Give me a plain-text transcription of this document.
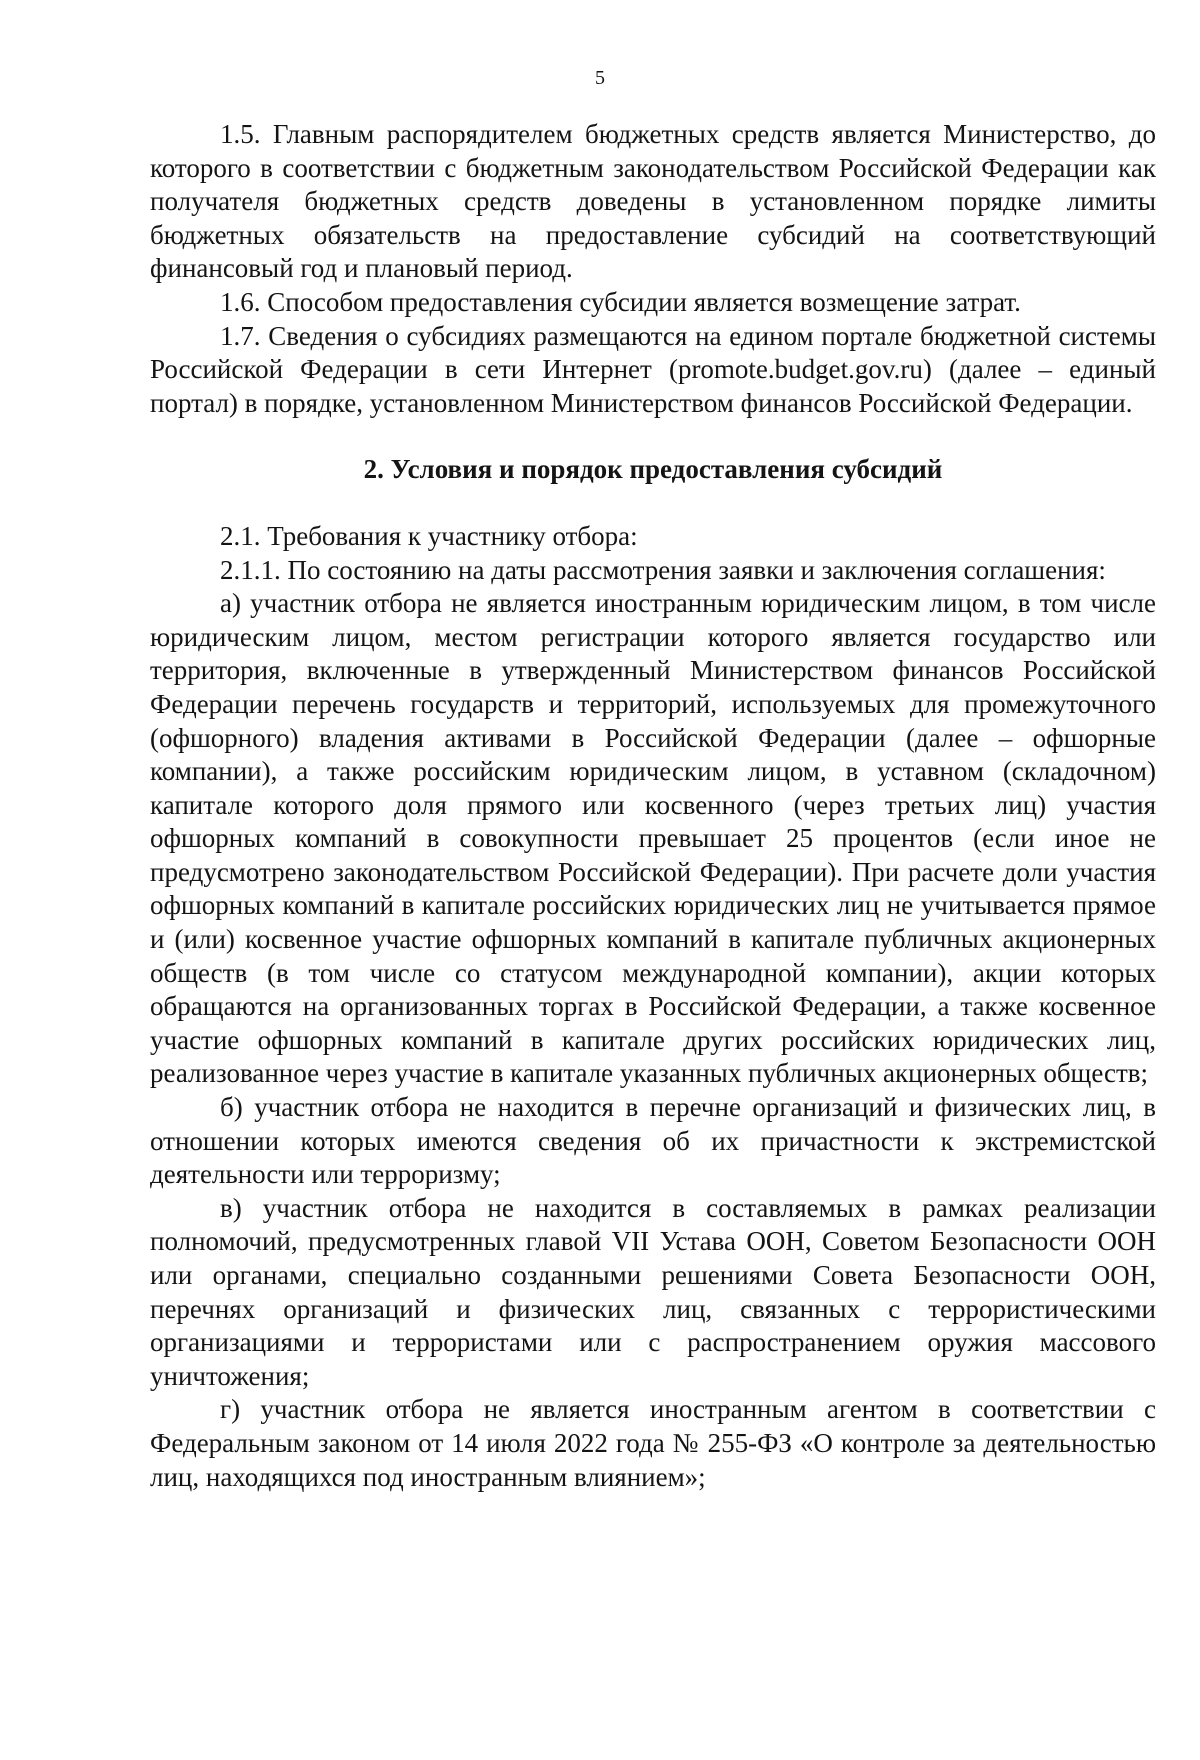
5

1.5. Главным распорядителем бюджетных средств является Министерство, до которого в соответствии с бюджетным законодательством Российской Федерации как получателя бюджетных средств доведены в установленном порядке лимиты бюджетных обязательств на предоставление субсидий на соответствующий финансовый год и плановый период.

1.6. Способом предоставления субсидии является возмещение затрат.

1.7. Сведения о субсидиях размещаются на едином портале бюджетной системы Российской Федерации в сети Интернет (promote.budget.gov.ru) (далее – единый портал) в порядке, установленном Министерством финансов Российской Федерации.

2. Условия и порядок предоставления субсидий

2.1. Требования к участнику отбора:

2.1.1. По состоянию на даты рассмотрения заявки и заключения соглашения:

а) участник отбора не является иностранным юридическим лицом, в том числе юридическим лицом, местом регистрации которого является государство или территория, включенные в утвержденный Министерством финансов Российской Федерации перечень государств и территорий, используемых для промежуточного (офшорного) владения активами в Российской Федерации (далее – офшорные компании), а также российским юридическим лицом, в уставном (складочном) капитале которого доля прямого или косвенного (через третьих лиц) участия офшорных компаний в совокупности превышает 25 процентов (если иное не предусмотрено законодательством Российской Федерации). При расчете доли участия офшорных компаний в капитале российских юридических лиц не учитывается прямое и (или) косвенное участие офшорных компаний в капитале публичных акционерных обществ (в том числе со статусом международной компании), акции которых обращаются на организованных торгах в Российской Федерации, а также косвенное участие офшорных компаний в капитале других российских юридических лиц, реализованное через участие в капитале указанных публичных акционерных обществ;

б) участник отбора не находится в перечне организаций и физических лиц, в отношении которых имеются сведения об их причастности к экстремистской деятельности или терроризму;

в) участник отбора не находится в составляемых в рамках реализации полномочий, предусмотренных главой VII Устава ООН, Советом Безопасности ООН или органами, специально созданными решениями Совета Безопасности ООН, перечнях организаций и физических лиц, связанных с террористическими организациями и террористами или с распространением оружия массового уничтожения;

г) участник отбора не является иностранным агентом в соответствии с Федеральным законом от 14 июля 2022 года № 255-ФЗ «О контроле за деятельностью лиц, находящихся под иностранным влиянием»;
